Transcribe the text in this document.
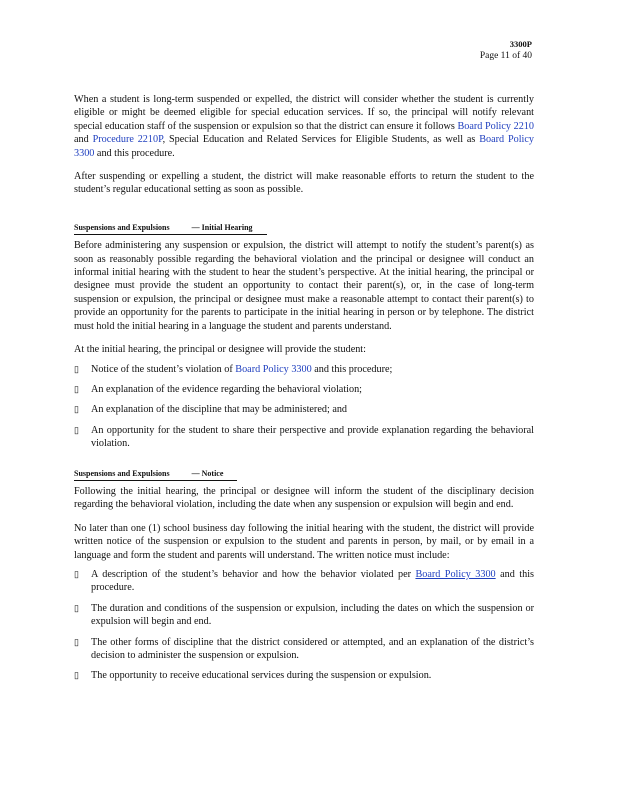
3300P
Page 11 of 40

When a student is long-term suspended or expelled, the district will consider whether the student is currently eligible or might be deemed eligible for special education services. If so, the principal will notify relevant special education staff of the suspension or expulsion so that the district can ensure it follows Board Policy 2210 and Procedure 2210P, Special Education and Related Services for Eligible Students, as well as Board Policy 3300 and this procedure.

After suspending or expelling a student, the district will make reasonable efforts to return the student to the student’s regular educational setting as soon as possible.

Suspensions and Expulsions	— Initial Hearing

Before administering any suspension or expulsion, the district will attempt to notify the student’s parent(s) as soon as reasonably possible regarding the behavioral violation and the principal or designee will conduct an informal initial hearing with the student to hear the student’s perspective. At the initial hearing, the principal or designee must provide the student an opportunity to contact their parent(s), or, in the case of long-term suspension or expulsion, the principal or designee must make a reasonable attempt to contact their parent(s) to provide an opportunity for the parents to participate in the initial hearing in person or by telephone. The district must hold the initial hearing in a language the student and parents understand.

At the initial hearing, the principal or designee will provide the student:

▯ Notice of the student’s violation of Board Policy 3300 and this procedure;
▯ An explanation of the evidence regarding the behavioral violation;
▯ An explanation of the discipline that may be administered; and
▯ An opportunity for the student to share their perspective and provide explanation regarding the behavioral violation.
Suspensions and Expulsions	— Notice

Following the initial hearing, the principal or designee will inform the student of the disciplinary decision regarding the behavioral violation, including the date when any suspension or expulsion will begin and end.

No later than one (1) school business day following the initial hearing with the student, the district will provide written notice of the suspension or expulsion to the student and parents in person, by mail, or by email in a language and form the student and parents will understand. The written notice must include:

▯ A description of the student’s behavior and how the behavior violated per Board Policy 3300 and this procedure.
▯ The duration and conditions of the suspension or expulsion, including the dates on which the suspension or expulsion will begin and end.
▯ The other forms of discipline that the district considered or attempted, and an explanation of the district’s decision to administer the suspension or expulsion.
▯ The opportunity to receive educational services during the suspension or expulsion.
